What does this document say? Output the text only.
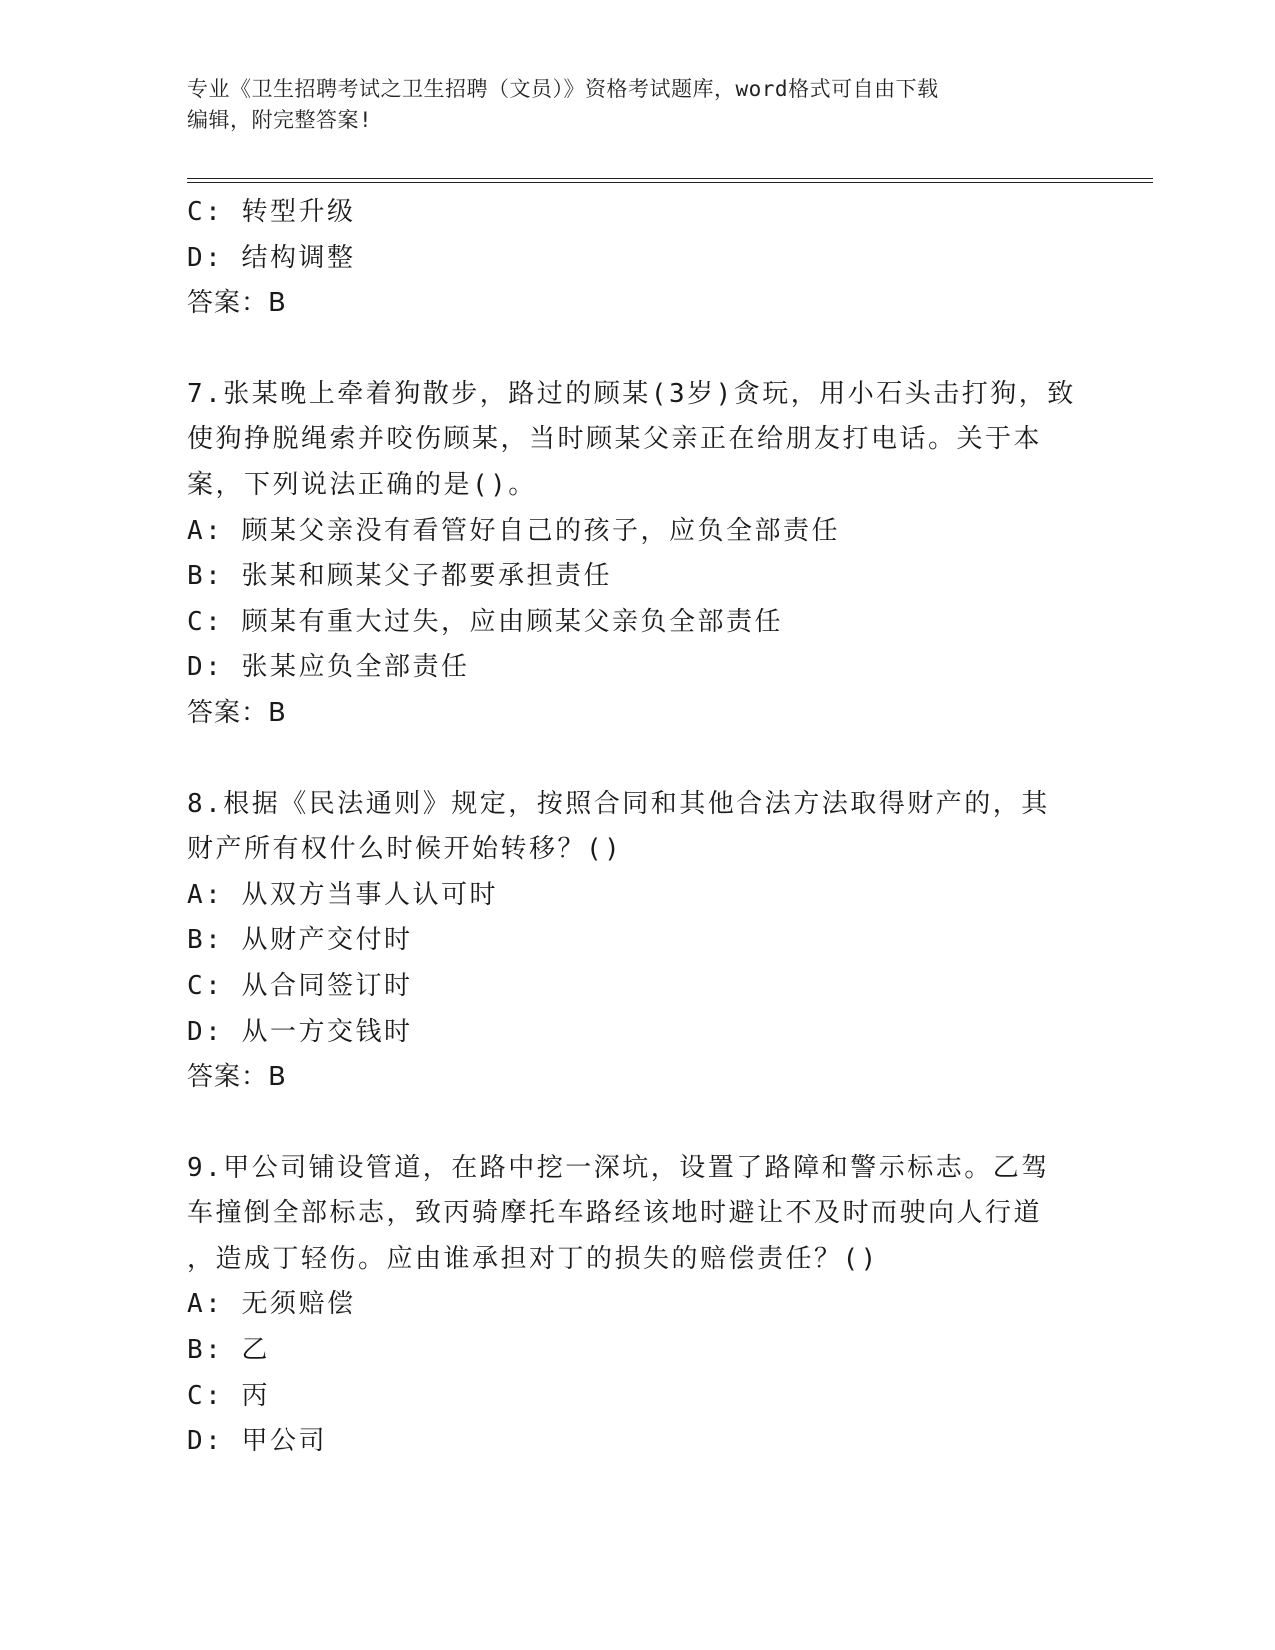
专业《卫生招聘考试之卫生招聘（文员）》资格考试题库，word格式可自由下载
编辑，附完整答案!
C: 转型升级
D: 结构调整
答案：B
7.张某晚上牵着狗散步，路过的顾某(3岁)贪玩，用小石头击打狗，致
使狗挣脱绳索并咬伤顾某，当时顾某父亲正在给朋友打电话。关于本
案，下列说法正确的是()。
A: 顾某父亲没有看管好自己的孩子，应负全部责任
B: 张某和顾某父子都要承担责任
C: 顾某有重大过失，应由顾某父亲负全部责任
D: 张某应负全部责任
答案：B
8.根据《民法通则》规定，按照合同和其他合法方法取得财产的，其
财产所有权什么时候开始转移？()
A: 从双方当事人认可时
B: 从财产交付时
C: 从合同签订时
D: 从一方交钱时
答案：B
9.甲公司铺设管道，在路中挖一深坑，设置了路障和警示标志。乙驾
车撞倒全部标志，致丙骑摩托车路经该地时避让不及时而驶向人行道
，造成丁轻伤。应由谁承担对丁的损失的赔偿责任？()
A: 无须赔偿
B: 乙
C: 丙
D: 甲公司
